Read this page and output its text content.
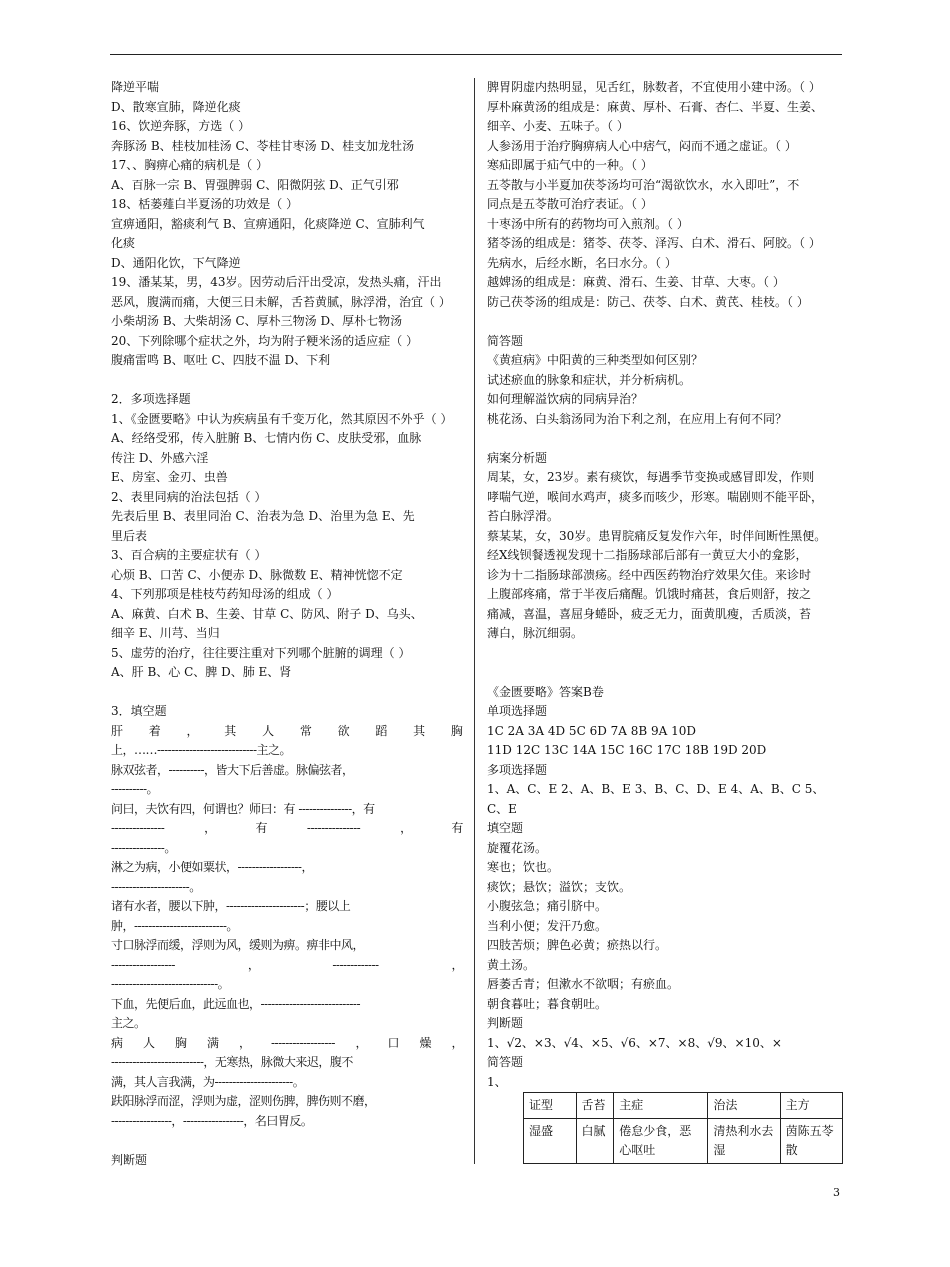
降逆平喘
D、散寒宣肺，降逆化痰
16、饮逆奔豚，方选（ ）
奔豚汤 B、桂枝加桂汤 C、苓桂甘枣汤 D、桂支加龙牡汤
17、、胸痹心痛的病机是（ ）
A、百脉一宗 B、胃强脾弱 C、阳微阴弦 D、正气引邪
18、栝蒌薤白半夏汤的功效是（ ）
宣痹通阳，豁痰利气 B、宣痹通阳，化痰降逆 C、宣肺利气
化痰
D、通阳化饮，下气降逆
19、潘某某，男，43岁。因劳动后汗出受凉，发热头痛，汗出
恶风，腹满而痛，大便三日未解，舌苔黄腻，脉浮滑，治宜（ ）
小柴胡汤 B、大柴胡汤 C、厚朴三物汤 D、厚朴七物汤
20、下列除哪个症状之外，均为附子粳米汤的适应症（ ）
腹痛雷鸣 B、呕吐 C、四肢不温 D、下利
2．多项选择题
1、《金匮要略》中认为疾病虽有千变万化，然其原因不外乎（ ）
A、经络受邪，传入脏腑 B、七情内伤 C、皮肤受邪，血脉
传注 D、外感六淫
E、房室、金刃、虫兽
2、表里同病的治法包括（ ）
先表后里 B、表里同治 C、治表为急 D、治里为急 E、先
里后表
3、百合病的主要症状有（ ）
心烦 B、口苦 C、小便赤 D、脉微数 E、精神恍惚不定
4、下列那项是桂枝芍药知母汤的组成（ ）
A、麻黄、白术 B、生姜、甘草 C、防风、附子 D、乌头、
细辛 E、川芎、当归
5、虚劳的治疗，往往要注重对下列哪个脏腑的调理（ ）
A、肝 B、心 C、脾 D、肺 E、肾
3．填空题
肝 着 ， 其 人 常 欲 蹈 其 胸
上，……----------------------------主之。
脉双弦者，----------，皆大下后善虚。脉偏弦者，
----------。
问曰，夫饮有四，何谓也？师曰：有 ---------------，有
---------------	，	有	---------------	，	有
---------------。
淋之为病，小便如粟状，------------------，
----------------------。
诸有水者，腰以下肿，----------------------；腰以上
肿，--------------------------。
寸口脉浮而缓，浮则为风，缓则为痹。痹非中风，
------------------	，	-------------	，
------------------------------。
下血，先便后血，此远血也，----------------------------
主之。
病 人 胸 满 ， ------------------ ， 口 燥 ，
--------------------------，无寒热，脉微大来迟，腹不
满，其人言我满，为----------------------。
趺阳脉浮而涩，浮则为虚，涩则伤脾，脾伤则不磨，
-----------------，-----------------，名曰胃反。
判断题
脾胃阴虚内热明显，见舌红，脉数者，不宜使用小建中汤。（ ）
厚朴麻黄汤的组成是：麻黄、厚朴、石膏、杏仁、半夏、生姜、
细辛、小麦、五味子。（ ）
人参汤用于治疗胸痹病人心中痞气，闷而不通之虚证。（ ）
寒疝即属于疝气中的一种。（ ）
五苓散与小半夏加茯苓汤均可治“渴欲饮水，水入即吐”，不
同点是五苓散可治疗表证。（ ）
十枣汤中所有的药物均可入煎剂。（ ）
猪苓汤的组成是：猪苓、茯苓、泽泻、白术、滑石、阿胶。（ ）
先病水，后经水断，名曰水分。（ ）
越婢汤的组成是：麻黄、滑石、生姜、甘草、大枣。（ ）
防己茯苓汤的组成是：防己、茯苓、白术、黄芪、桂枝。（ ）
简答题
《黄疸病》中阳黄的三种类型如何区别？
试述瘀血的脉象和症状，并分析病机。
如何理解溢饮病的同病异治？
桃花汤、白头翁汤同为治下利之剂，在应用上有何不同？
病案分析题
周某，女，23岁。素有痰饮，每遇季节变换或感冒即发，作则
哮喘气逆，喉间水鸡声，痰多而咳少，形寒。喘剧则不能平卧，
苔白脉浮滑。
蔡某某，女，30岁。患胃脘痛反复发作六年，时伴间断性黑便。
经X线钡餐透视发现十二指肠球部后部有一黄豆大小的龛影，
诊为十二指肠球部溃疡。经中西医药物治疗效果欠佳。来诊时
上腹部疼痛，常于半夜后痛醒。饥饿时痛甚，食后则舒，按之
痛减，喜温，喜屈身蜷卧，疲乏无力，面黄肌瘦，舌质淡，苔
薄白，脉沉细弱。
《金匮要略》答案B卷
单项选择题
1C 2A 3A 4D 5C 6D 7A 8B 9A 10D
11D 12C 13C 14A 15C 16C 17C 18B 19D 20D
多项选择题
1、A、C、E 2、A、B、E 3、B、C、D、E 4、A、B、C 5、
C、E
填空题
旋覆花汤。
寒也；饮也。
痰饮；悬饮；溢饮；支饮。
小腹弦急；痛引脐中。
当利小便；发汗乃愈。
四肢苦烦；脾色必黄；瘀热以行。
黄土汤。
唇萎舌青；但漱水不欲咽；有瘀血。
朝食暮吐；暮食朝吐。
判断题
1、√2、×3、√4、×5、√6、×7、×8、√9、×10、×
简答题
1、
证型	舌苔	主症	治法	主方
湿盛	白腻	倦怠少食，恶心呕吐	清热利水去湿	茵陈五苓散
3
